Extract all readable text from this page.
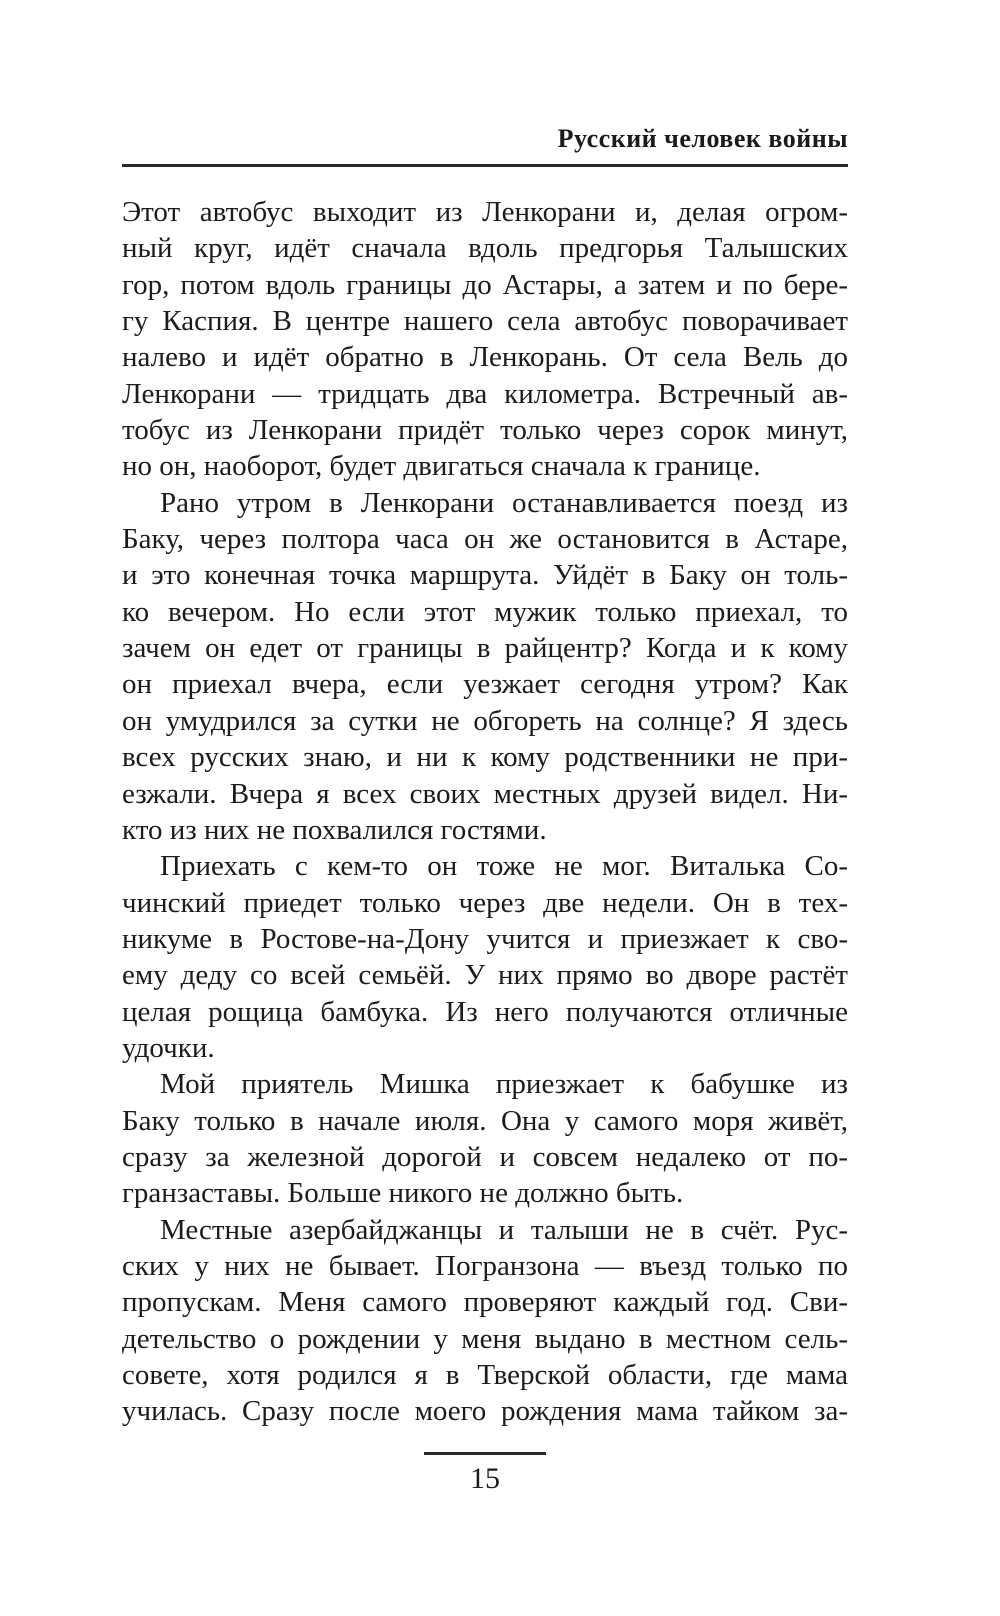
Русский человек войны
Этот автобус выходит из Ленкорани и, делая огром-
ный круг, идёт сначала вдоль предгорья Талышских
гор, потом вдоль границы до Астары, а затем и по бере-
гу Каспия. В центре нашего села автобус поворачивает
налево и идёт обратно в Ленкорань. От села Вель до
Ленкорани — тридцать два километра. Встречный ав-
тобус из Ленкорани придёт только через сорок минут,
но он, наоборот, будет двигаться сначала к границе.
Рано утром в Ленкорани останавливается поезд из
Баку, через полтора часа он же остановится в Астаре,
и это конечная точка маршрута. Уйдёт в Баку он толь-
ко вечером. Но если этот мужик только приехал, то
зачем он едет от границы в райцентр? Когда и к кому
он приехал вчера, если уезжает сегодня утром? Как
он умудрился за сутки не обгореть на солнце? Я здесь
всех русских знаю, и ни к кому родственники не при-
езжали. Вчера я всех своих местных друзей видел. Ни-
кто из них не похвалился гостями.
Приехать с кем-то он тоже не мог. Виталька Со-
чинский приедет только через две недели. Он в тех-
никуме в Ростове-на-Дону учится и приезжает к сво-
ему деду со всей семьёй. У них прямо во дворе растёт
целая рощица бамбука. Из него получаются отличные
удочки.
Мой приятель Мишка приезжает к бабушке из
Баку только в начале июля. Она у самого моря живёт,
сразу за железной дорогой и совсем недалеко от по-
гранзаставы. Больше никого не должно быть.
Местные азербайджанцы и талыши не в счёт. Рус-
ских у них не бывает. Погранзона — въезд только по
пропускам. Меня самого проверяют каждый год. Сви-
детельство о рождении у меня выдано в местном сель-
совете, хотя родился я в Тверской области, где мама
училась. Сразу после моего рождения мама тайком за-
15
